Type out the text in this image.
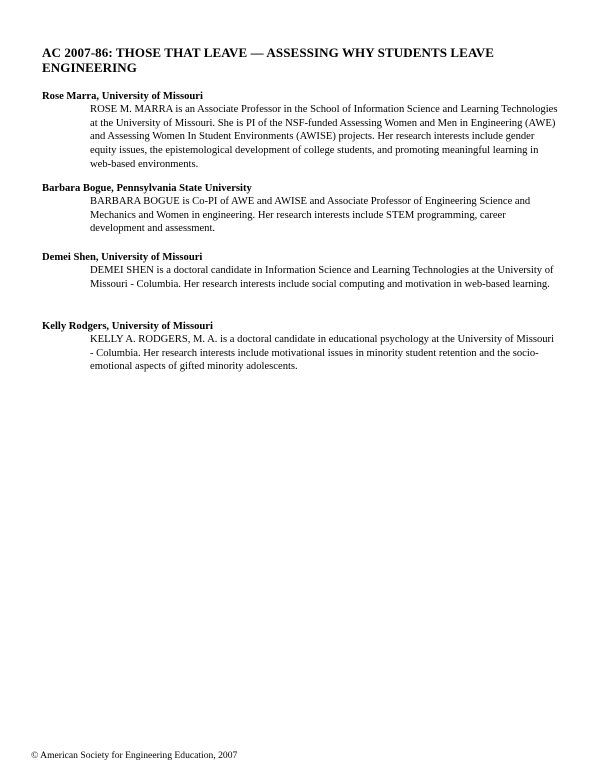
AC 2007-86: THOSE THAT LEAVE — ASSESSING WHY STUDENTS LEAVE ENGINEERING

Rose Marra, University of Missouri

ROSE M. MARRA is an Associate Professor in the School of Information Science and Learning Technologies at the University of Missouri. She is PI of the NSF-funded Assessing Women and Men in Engineering (AWE) and Assessing Women In Student Environments (AWISE) projects. Her research interests include gender equity issues, the epistemological development of college students, and promoting meaningful learning in web-based environments.

Barbara Bogue, Pennsylvania State University

BARBARA BOGUE is Co-PI of AWE and AWISE and Associate Professor of Engineering Science and Mechanics and Women in engineering. Her research interests include STEM programming, career development and assessment.

Demei Shen, University of Missouri

DEMEI SHEN is a doctoral candidate in Information Science and Learning Technologies at the University of Missouri - Columbia. Her research interests include social computing and motivation in web-based learning.

Kelly Rodgers, University of Missouri

KELLY A. RODGERS, M. A. is a doctoral candidate in educational psychology at the University of Missouri - Columbia. Her research interests include motivational issues in minority student retention and the socio-emotional aspects of gifted minority adolescents.

© American Society for Engineering Education, 2007
